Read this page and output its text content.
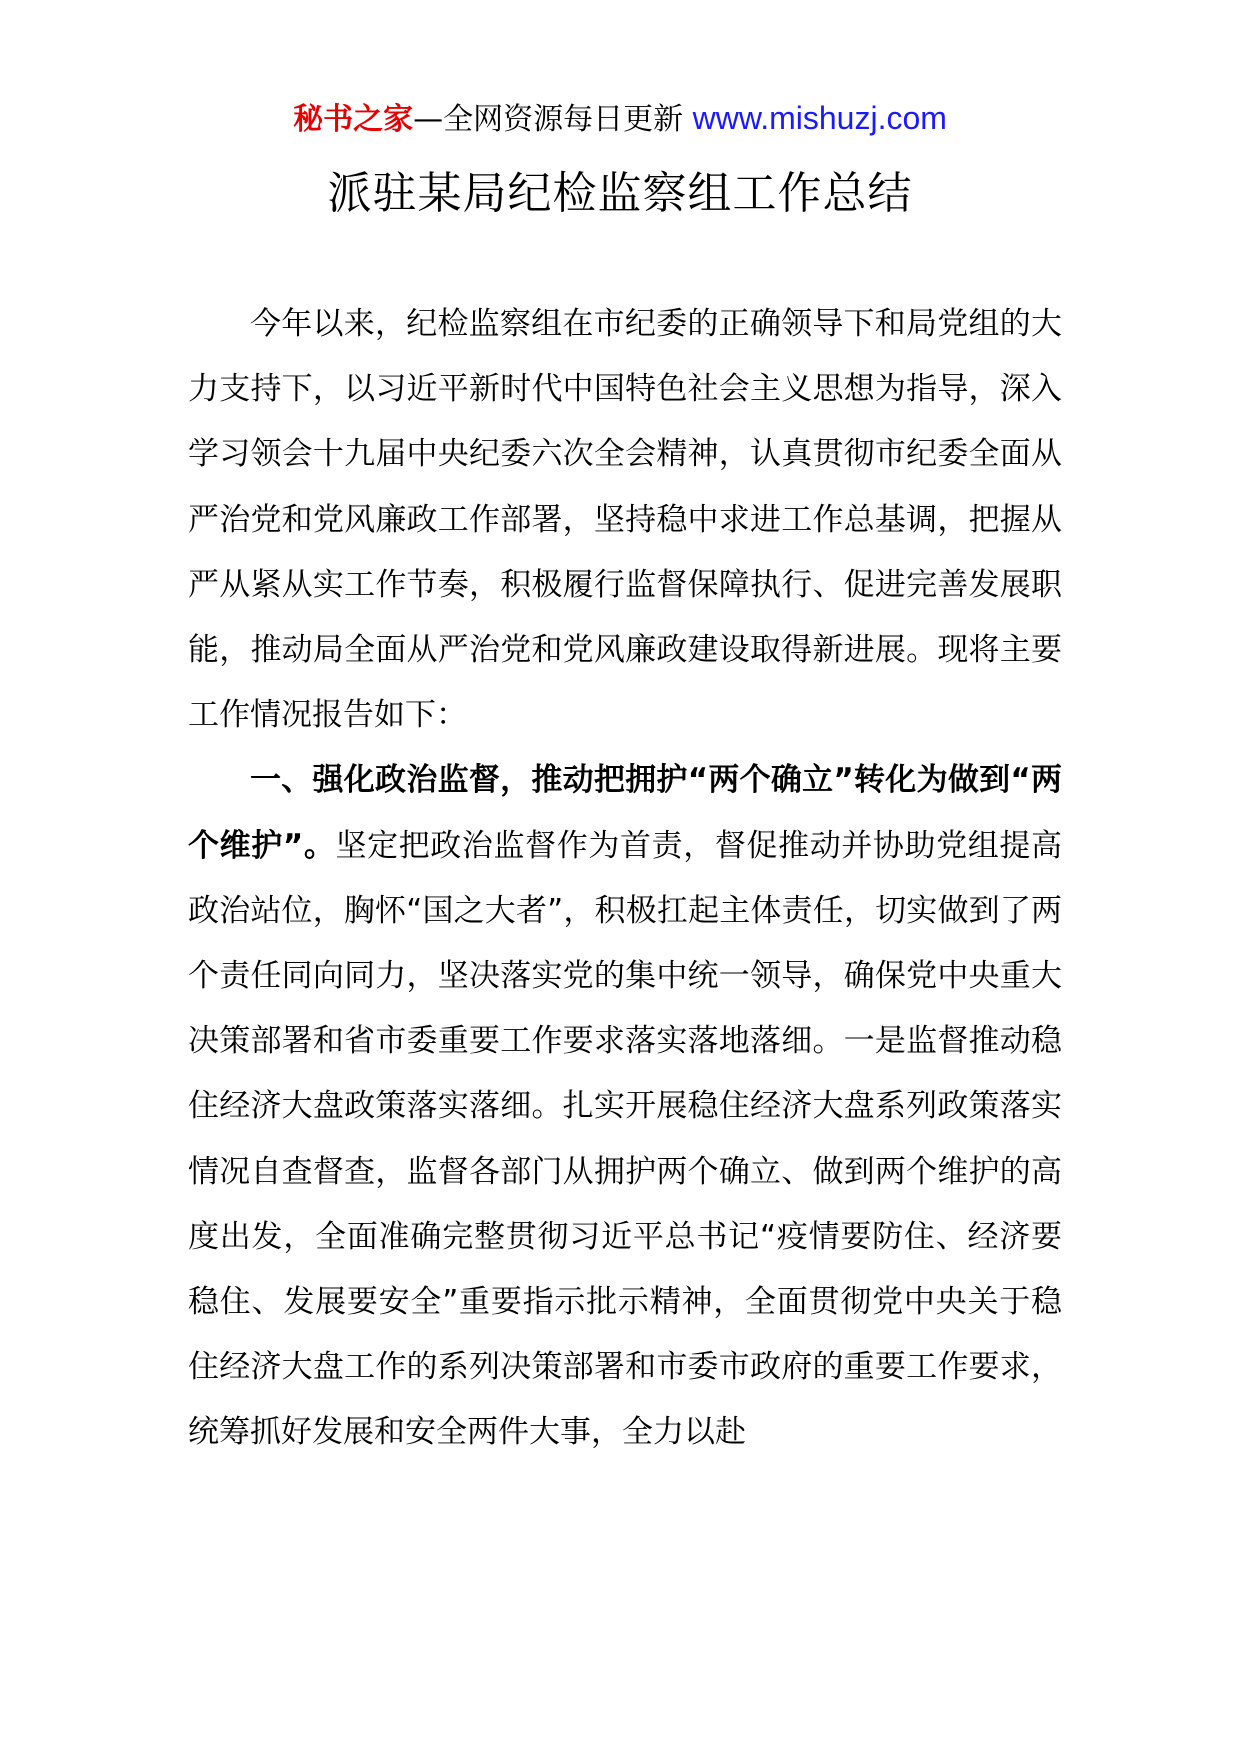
秘书之家—全网资源每日更新 www.mishuzj.com
派驻某局纪检监察组工作总结

今年以来，纪检监察组在市纪委的正确领导下和局党组的大力支持下，以习近平新时代中国特色社会主义思想为指导，深入学习领会十九届中央纪委六次全会精神，认真贯彻市纪委全面从严治党和党风廉政工作部署，坚持稳中求进工作总基调，把握从严从紧从实工作节奏，积极履行监督保障执行、促进完善发展职能，推动局全面从严治党和党风廉政建设取得新进展。现将主要工作情况报告如下：

一、强化政治监督，推动把拥护“两个确立”转化为做到“两个维护”。坚定把政治监督作为首责，督促推动并协助党组提高政治站位，胸怀“国之大者”，积极扛起主体责任，切实做到了两个责任同向同力，坚决落实党的集中统一领导，确保党中央重大决策部署和省市委重要工作要求落实落地落细。一是监督推动稳住经济大盘政策落实落细。扎实开展稳住经济大盘系列政策落实情况自查督查，监督各部门从拥护两个确立、做到两个维护的高度出发，全面准确完整贯彻习近平总书记“疫情要防住、经济要稳住、发展要安全”重要指示批示精神，全面贯彻党中央关于稳住经济大盘工作的系列决策部署和市委市政府的重要工作要求，统筹抓好发展和安全两件大事，全力以赴
